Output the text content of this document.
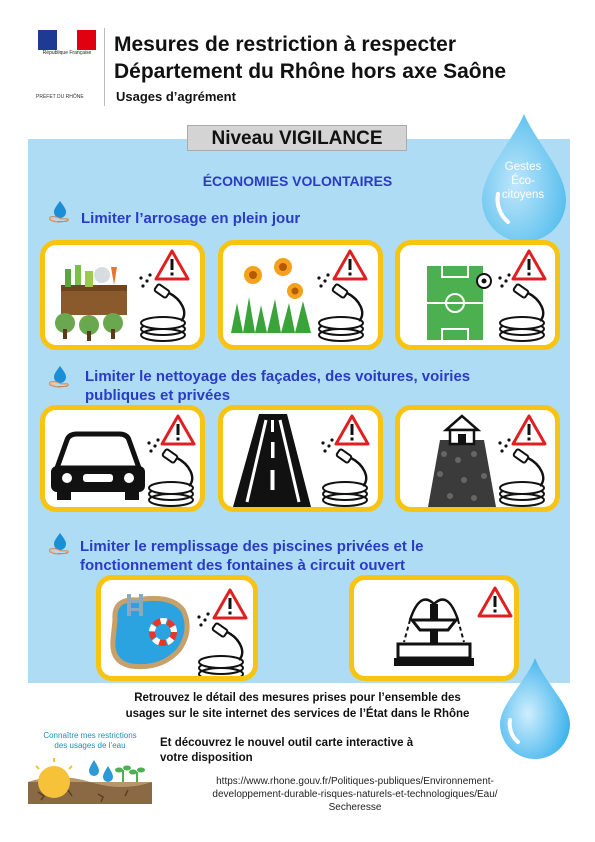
République Française
PRÉFET DU RHÔNE
Mesures de restriction à respecter
Département du Rhône hors axe Saône
Usages d’agrément
Niveau VIGILANCE
Gestes
Éco-
citoyens
ÉCONOMIES VOLONTAIRES
Limiter l’arrosage en plein jour
Limiter le nettoyage des façades, des voitures, voiries
publiques et privées
Limiter le remplissage des piscines privées et le
fonctionnement des fontaines à circuit ouvert
Retrouvez le détail des mesures prises pour l’ensemble des
usages sur le site internet des services de l’État dans le Rhône
Connaître mes restrictions
des usages de l’eau	Et découvrez le nouvel outil carte interactive à
votre disposition
https://www.rhone.gouv.fr/Politiques-publiques/Environnement-
developpement-durable-risques-naturels-et-technologiques/Eau/
Secheresse
